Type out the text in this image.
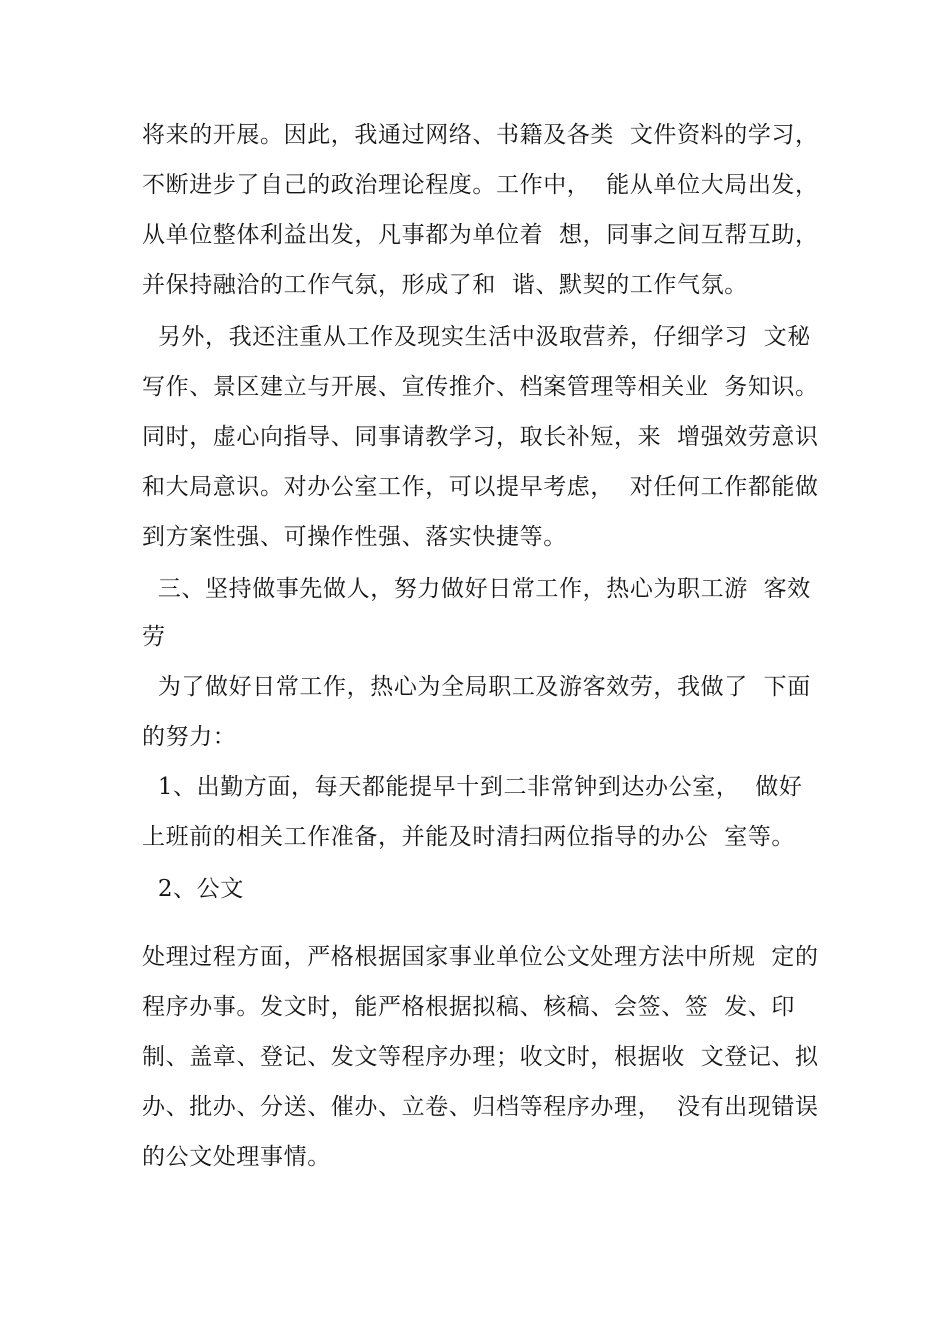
将来的开展。因此，我通过网络、书籍及各类  文件资料的学习，
不断进步了自己的政治理论程度。工作中，  能从单位大局出发，
从单位整体利益出发，凡事都为单位着  想，同事之间互帮互助，
并保持融洽的工作气氛，形成了和  谐、默契的工作气氛。
另外，我还注重从工作及现实生活中汲取营养，仔细学习  文秘
写作、景区建立与开展、宣传推介、档案管理等相关业  务知识。
同时，虚心向指导、同事请教学习，取长补短，来  增强效劳意识
和大局意识。对办公室工作，可以提早考虑，  对任何工作都能做
到方案性强、可操作性强、落实快捷等。
三、坚持做事先做人，努力做好日常工作，热心为职工游  客效
劳
为了做好日常工作，热心为全局职工及游客效劳，我做了  下面
的努力：
1、出勤方面，每天都能提早十到二非常钟到达办公室，  做好
上班前的相关工作准备，并能及时清扫两位指导的办公  室等。
2、公文
处理过程方面，严格根据国家事业单位公文处理方法中所规  定的
程序办事。发文时，能严格根据拟稿、核稿、会签、签  发、印
制、盖章、登记、发文等程序办理；收文时，根据收  文登记、拟
办、批办、分送、催办、立卷、归档等程序办理，  没有出现错误
的公文处理事情。
